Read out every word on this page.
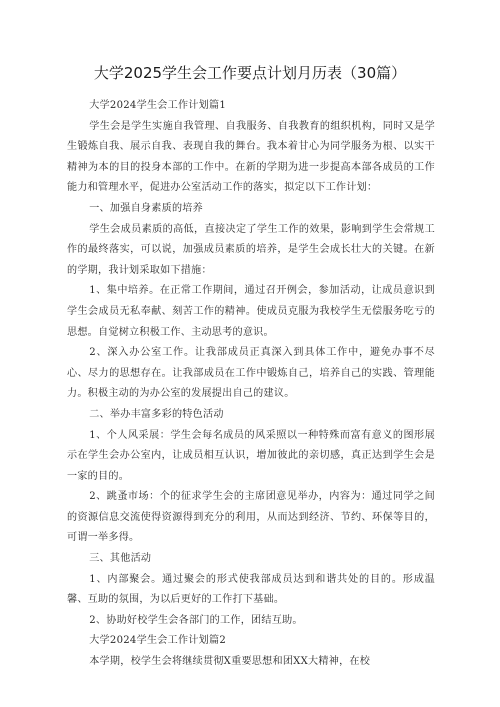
大学2025学生会工作要点计划月历表（30篇）

大学2024学生会工作计划篇1

学生会是学生实施自我管理、自我服务、自我教育的组织机构，同时又是学生锻炼自我、展示自我、表现自我的舞台。我本着甘心为同学服务为根、以实干精神为本的目的投身本部的工作中。在新的学期为进一步提高本部各成员的工作能力和管理水平，促进办公室活动工作的落实，拟定以下工作计划：

一、加强自身素质的培养

学生会成员素质的高低，直接决定了学生工作的效果，影响到学生会常规工作的最终落实，可以说，加强成员素质的培养，是学生会成长壮大的关键。在新的学期，我计划采取如下措施：

1、集中培养。在正常工作期间，通过召开例会，参加活动，让成员意识到学生会成员无私奉献、刻苦工作的精神。使成员克服为我校学生无偿服务吃亏的思想。自觉树立积极工作、主动思考的意识。

2、深入办公室工作。让我部成员正真深入到具体工作中，避免办事不尽心、尽力的思想存在。让我部成员在工作中锻炼自己，培养自己的实践、管理能力。积极主动的为办公室的发展提出自己的建议。

二、举办丰富多彩的特色活动

1、个人风采展：学生会每名成员的风采照以一种特殊而富有意义的图形展示在学生会办公室内，让成员相互认识，增加彼此的亲切感，真正达到学生会是一家的目的。

2、跳蚤市场：个的征求学生会的主席团意见举办，内容为：通过同学之间的资源信息交流使得资源得到充分的利用，从而达到经济、节约、环保等目的，可谓一举多得。

三、其他活动

1、内部聚会。通过聚会的形式使我部成员达到和谐共处的目的。形成温馨、互助的氛围，为以后更好的工作打下基础。

2、协助好校学生会各部门的工作，团结互助。

大学2024学生会工作计划篇2

本学期，校学生会将继续贯彻X重要思想和团XX大精神，在校
